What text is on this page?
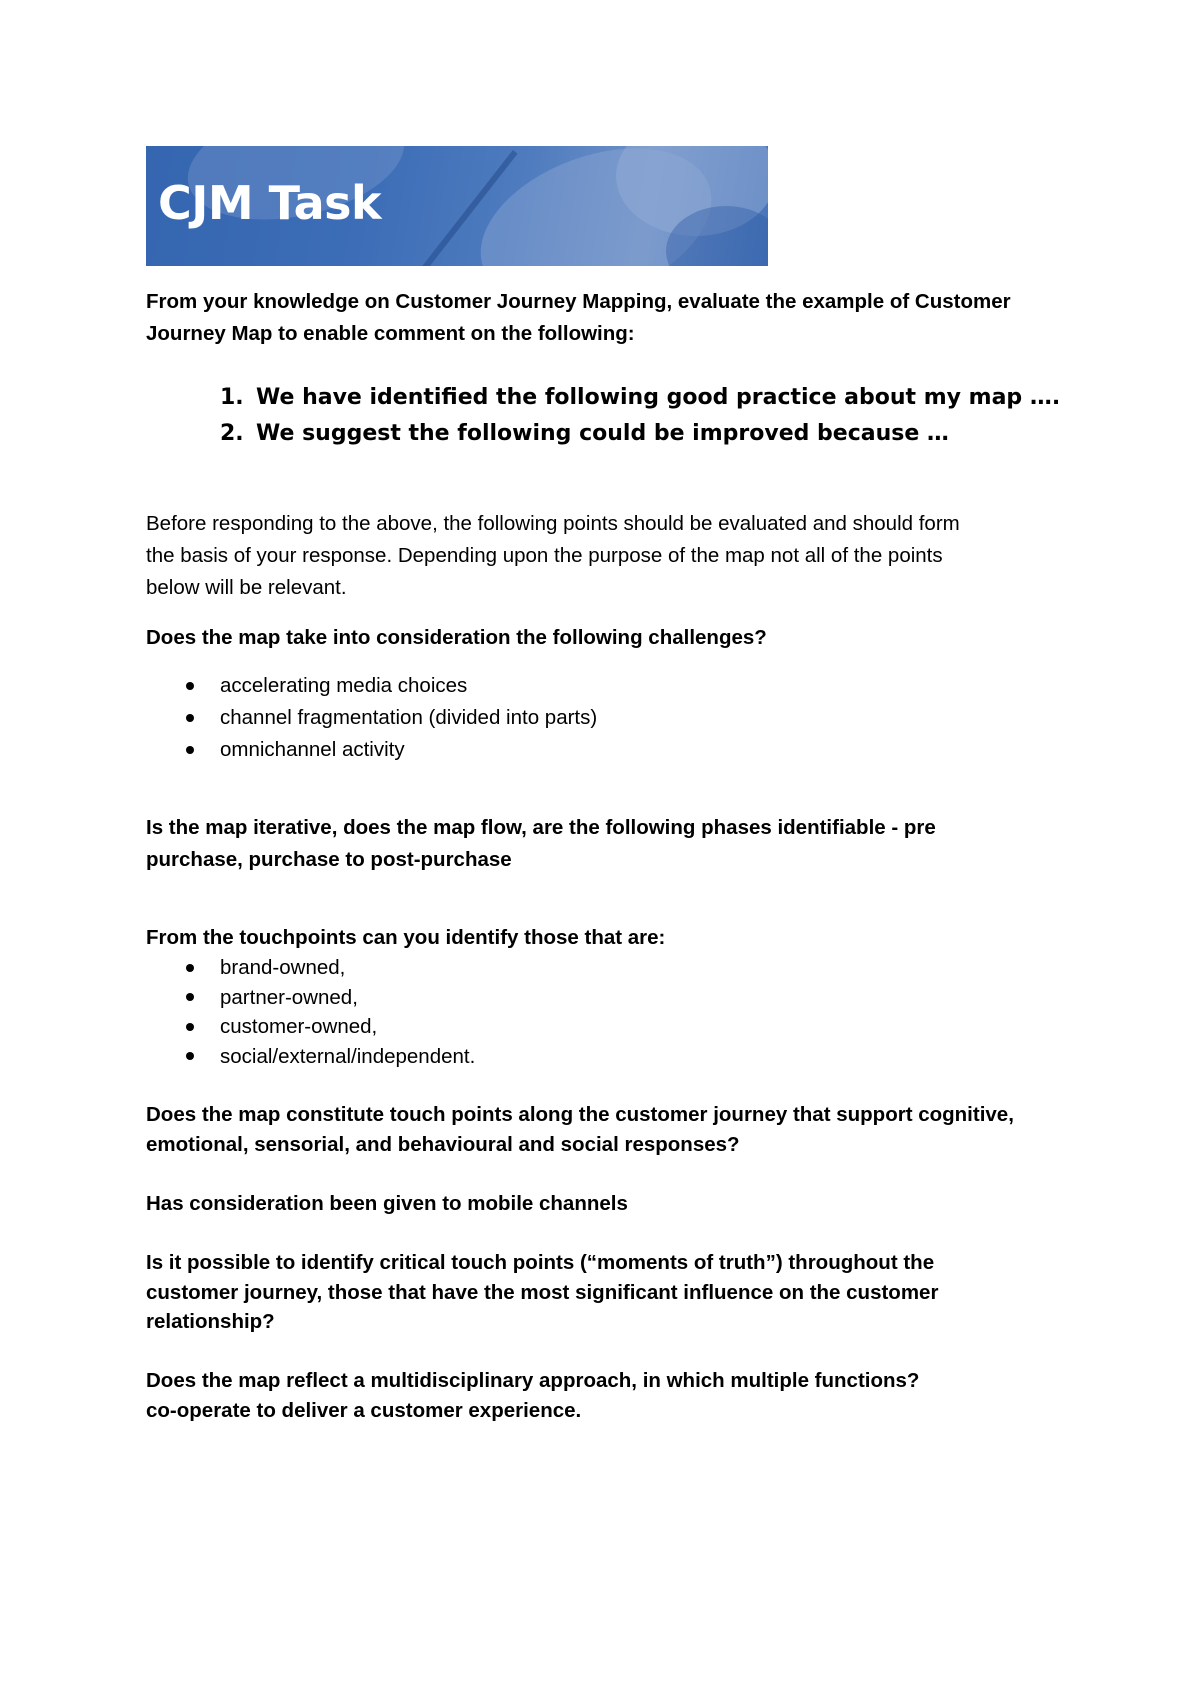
CJM Task
From your knowledge on Customer Journey Mapping, evaluate the example of Customer
Journey Map to enable comment on the following:
1. We have identified the following good practice about my map ….
2. We suggest the following could be improved because …
Before responding to the above, the following points should be evaluated and should form
the basis of your response. Depending upon the purpose of the map not all of the points
below will be relevant.
Does the map take into consideration the following challenges?
accelerating media choices
channel fragmentation (divided into parts)
omnichannel activity
Is the map iterative, does the map flow, are the following phases identifiable - pre
purchase, purchase to post-purchase
From the touchpoints can you identify those that are:
brand-owned,
partner-owned,
customer-owned,
social/external/independent.
Does the map constitute touch points along the customer journey that support cognitive,
emotional, sensorial, and behavioural and social responses?
Has consideration been given to mobile channels
Is it possible to identify critical touch points (“moments of truth”) throughout the
customer journey, those that have the most significant influence on the customer
relationship?
Does the map reflect a multidisciplinary approach, in which multiple functions?
co-operate to deliver a customer experience.
